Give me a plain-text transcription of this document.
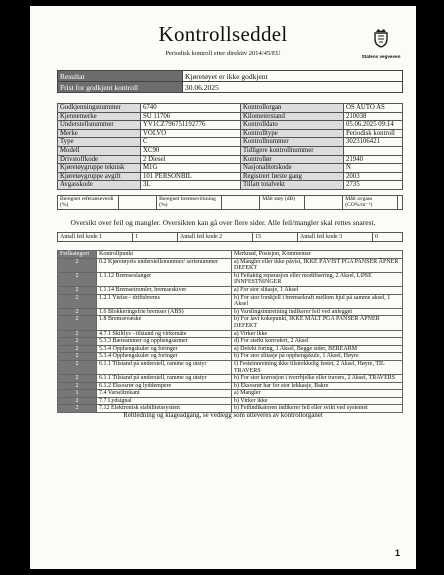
Kontrollseddel
Periodisk kontroll etter direktiv 2014/45/EU	Statens vegvesen
Resultat	Kjøretøyet er ikke godkjent
Frist for godkjent kontroll	30.06.2025
Godkjenningsnummer	6740	Kontrollorgan	OS AUTO AS
Kjennemerke	SU 11706	Kilometerstand	210038
Understellsnummer	YV1CZ796751192776	Kontrolldato	05.06.2025 09:14
Merke	VOLVO	Kontrolltype	Periodisk kontroll
Type	C	Kontrollnummer	3023106421
Modell	XC90	Tidligere kontrollnummer	
Drivstoffkode	2 Diesel	Kontrollør	21940
Kjøretøygruppe teknisk	M1G	Nasjonalitetskode	N
Kjøretøygruppe avgift	101 PERSONBIL	Registrert første gang	2003
Avgasskode	3L	Tillatt totalvekt	2735
Beregnet referanseverdi (%)		Beregnet bremsevirkning (%)		Målt støy (dB)		Målt avgass (CO%/m⁻¹)	
Oversikt over feil og mangler. Oversikten kan gå over flere sider. Alle feil/mangler skal rettes snarest.
Antall feil kode 1	1	Antall feil kode 2	15	Antall feil kode 3	0
Feilkategori	Kontrollpunkt	Merknad, Posisjon, Kommentar
2	0.2 Kjøretøyets understellsnummer/ serienummer	a) Mangler eller ikke påvist, IKKE PÅVIST PGA PANSER ÅPNER DEFEKT
2	1.1.12 Bremseslanger	b) Feilaktig reparasjon eller modifisering, 2 Aksel, LØSE INNFESTNINGER
2	1.1.14 Bremsetromler, bremseskiver	a) For stor slitasje, 1 Aksel
2	1.2.1 Ytelse - driftsbrems	b) For stor forskjell i bremsekraft mellom hjul på samme aksel, 1 Aksel
2	1.6 Blokkeringsfrie bremser (ABS)	b) Varslingsinnretning indikerer feil ved anlegget
2	1.8 Bremsevæske	b) For lavt kokepunkt, IKKE MÅLT PGA PANSER ÅPNER DEFEKT
2	4.7.1 Skiltlys - tilstand og virkemåte	a) Virker ikke
2	5.3.3 Bæreammer og opphengsarmer	d) For sterkt korrodert, 2 Aksel
2	5.3.4 Opphengskuler og foringer	a) Defekt foring, 1 Aksel, Begge sider, BEREARM
2	5.3.4 Opphengskuler og foringer	b) For stor slitasje på opphengskule, 1 Aksel, Høyre
2	6.1.1 Tilstand på understell, ramme og utstyr	f) Festeinnretning ikke tilstrekkelig festet, 2 Aksel, Høyre, TIL TRAVERS
2	6.1.1 Tilstand på understell, ramme og utstyr	b) For stor korrosjon i tverrbjelke eller travers, 2 Aksel, TRAVERS
2	6.1.2 Eksosrør og lyddempere	b) Eksosrør har for stor lekkasje, Bakre
1	7.4 Varseltrekant	a) Mangler
2	7.7 Lydsignal	b) Virker ikke
2	7.12 Elektronisk stabilitetssystem	b) Feilindikatoren indikerer feil eller svikt ved systemet
Rettledning og klageadgang, se vedlegg som utleveres av kontrollorganet
1
